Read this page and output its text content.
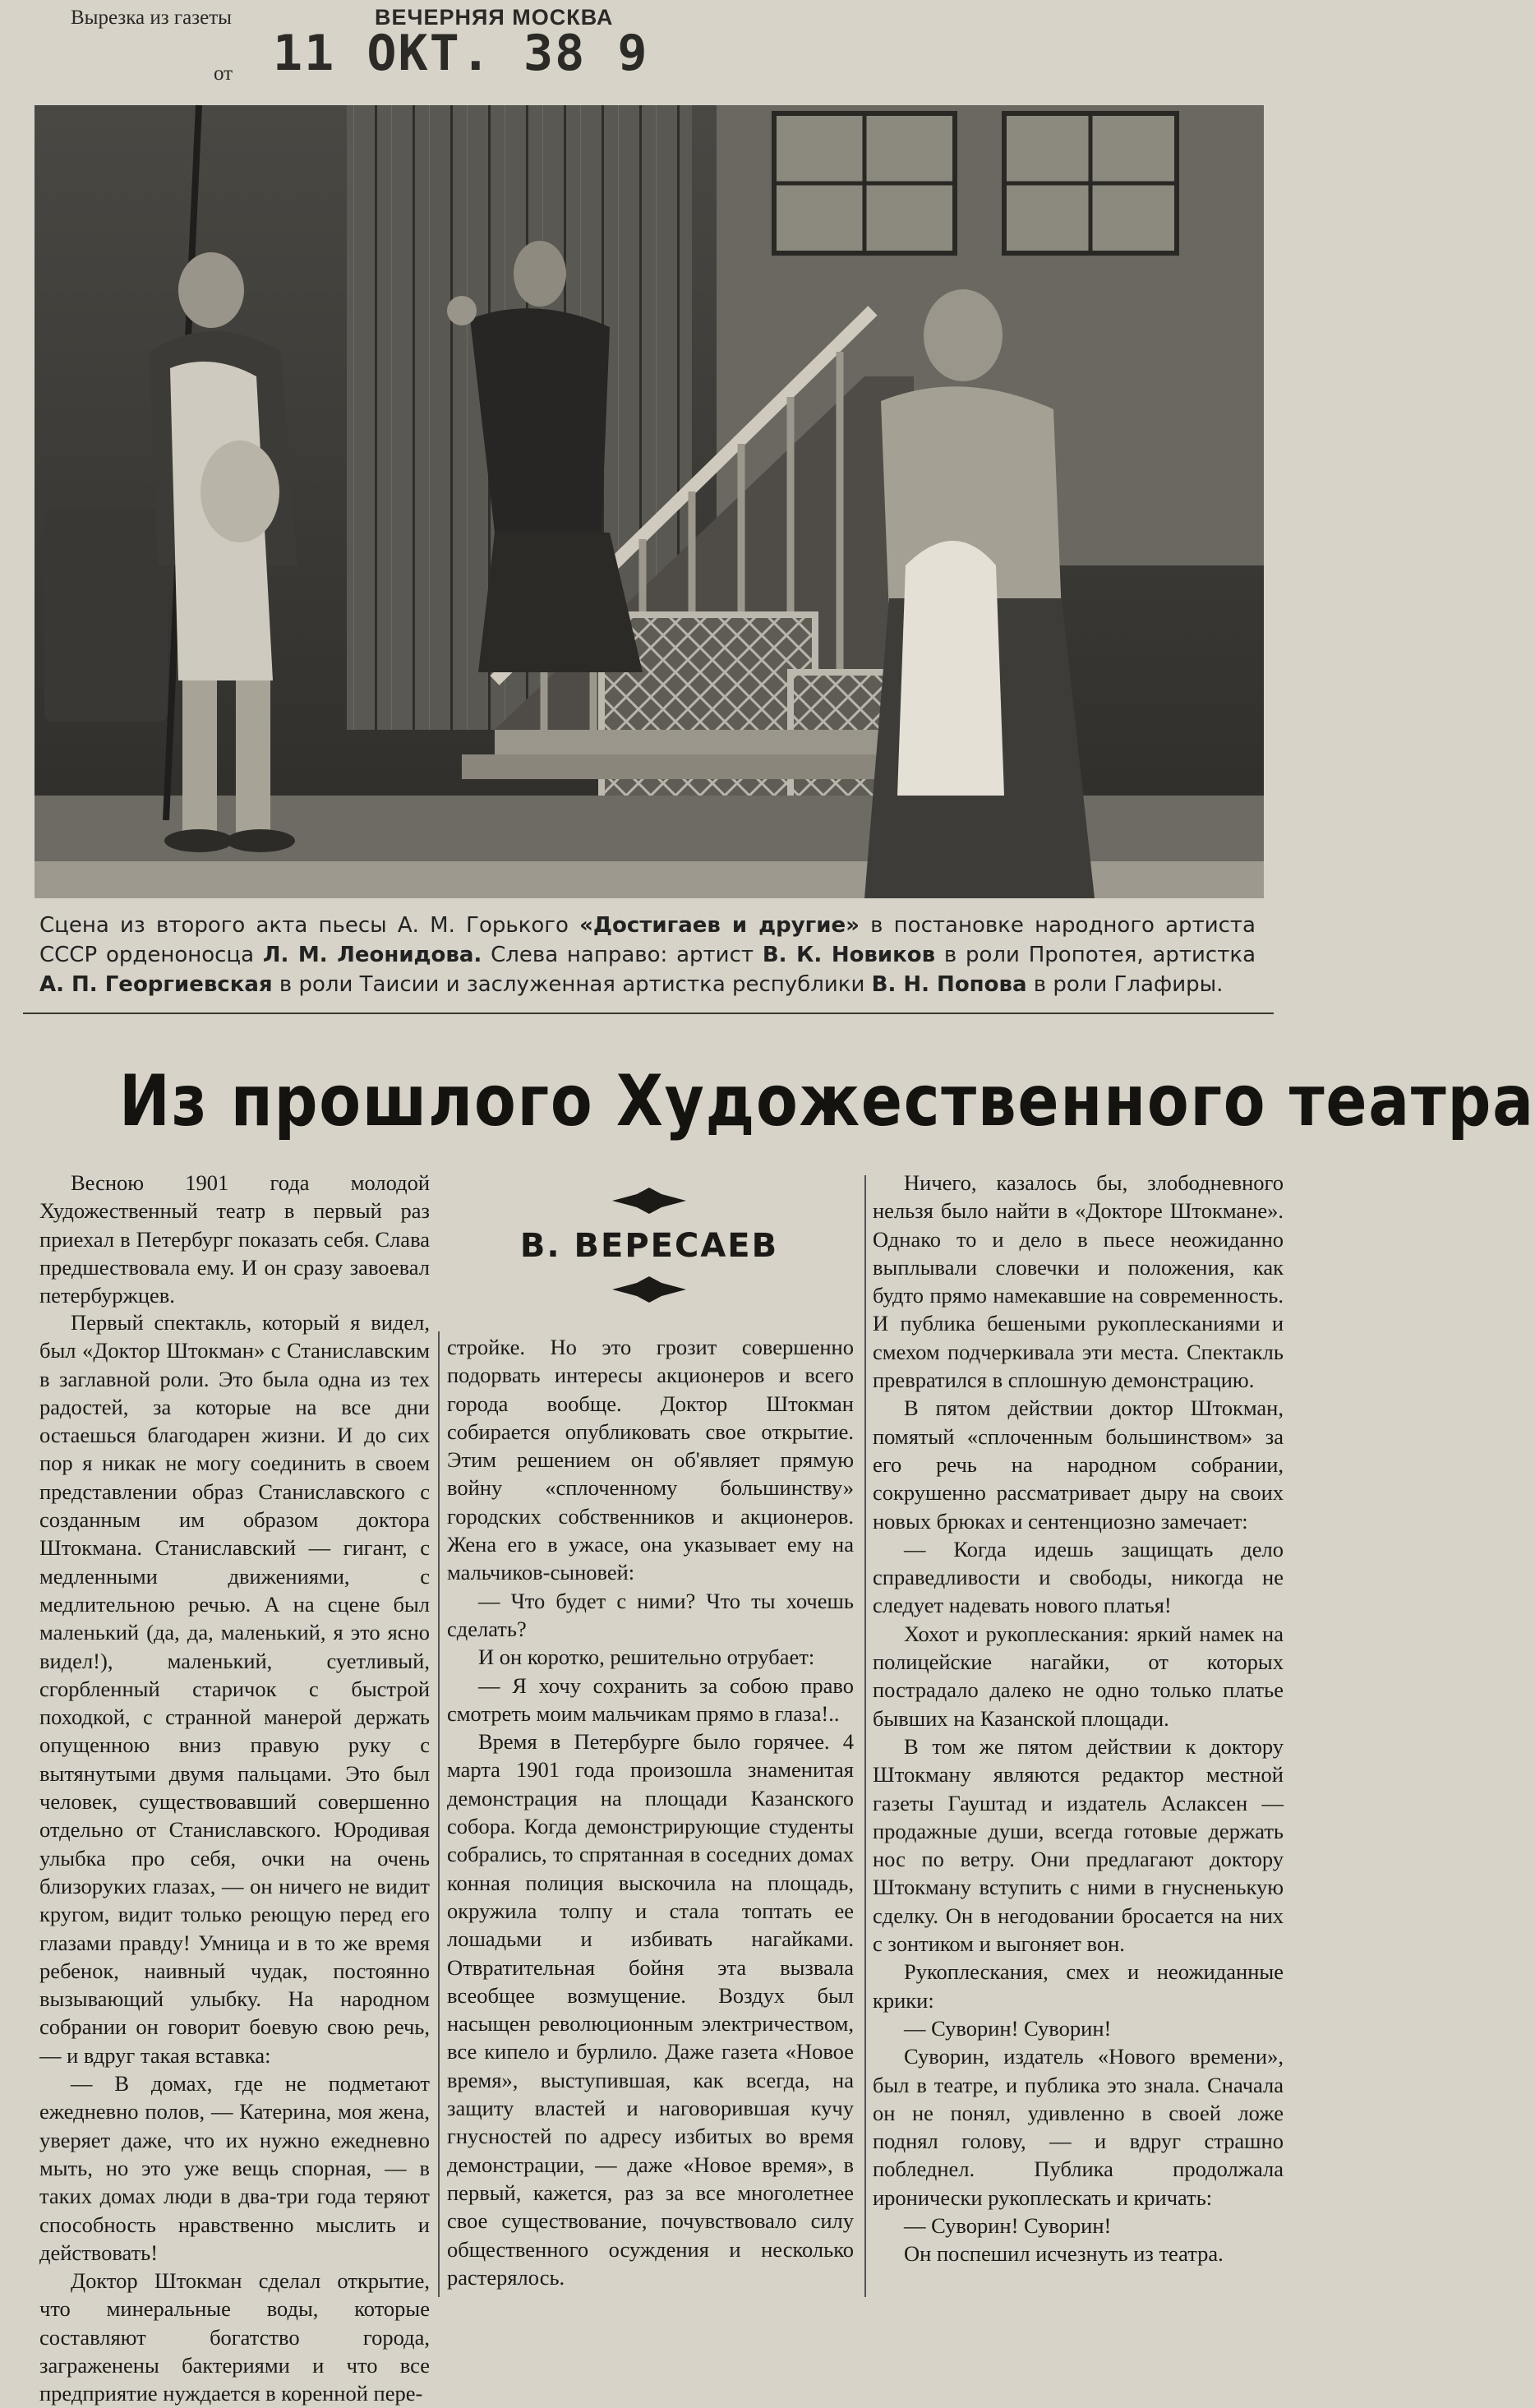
Вырезка из газеты	ВЕЧЕРНЯЯ МОСКВА
от 11 ОКТ. 38 9
Сцена из второго акта пьесы А. М. Горького «Достигаев и другие» в постановке народного артиста СССР орденоносца Л. М. Леонидова. Слева направо: артист В. К. Новиков в роли Пропотея, артистка А. П. Георгиевская в роли Таисии и заслуженная артистка республики В. Н. Попова в роли Глафиры.
Из прошлого Художественного театра

Весною 1901 года молодой Художественный театр в первый раз приехал в Петербург показать себя. Слава предшествовала ему. И он сразу завоевал петербуржцев.

В. ВЕРЕСАЕВ

Первый спектакль, который я видел, был «Доктор Штокман» с Станиславским в заглавной роли. Это была одна из тех радостей, за которые на все дни остаешься благодарен жизни. И до сих пор я никак не могу соединить в своем представлении образ Станиславского с созданным им образом доктора Штокмана. Станиславский — гигант, с медленными движениями, с медлительною речью. А на сцене был маленький (да, да, маленький, я это ясно видел!), маленький, суетливый, сгорбленный старичок с быстрой походкой, с странной манерой держать опущенною вниз правую руку с вытянутыми двумя пальцами. Это был человек, существовавший совершенно отдельно от Станиславского. Юродивая улыбка про себя, очки на очень близоруких глазах, — он ничего не видит кругом, видит только реющую перед его глазами правду! Умница и в то же время ребенок, наивный чудак, постоянно вызывающий улыбку. На народном собрании он говорит боевую свою речь, — и вдруг такая вставка:

— В домах, где не подметают ежедневно полов, — Катерина, моя жена, уверяет даже, что их нужно ежедневно мыть, но это уже вещь спорная, — в таких домах люди в два-три года теряют способность нравственно мыслить и действовать!

Доктор Штокман сделал открытие, что минеральные воды, которые составляют богатство города, заграженены бактериями и что все предприятие нуждается в коренной пере-

стройке. Но это грозит совершенно подорвать интересы акционеров и всего города вообще. Доктор Штокман собирается опубликовать свое открытие. Этим решением он об'являет прямую войну «сплоченному большинству» городских собственников и акционеров. Жена его в ужасе, она указывает ему на мальчиков-сыновей:

— Что будет с ними? Что ты хочешь сделать?

И он коротко, решительно отрубает:

— Я хочу сохранить за собою право смотреть моим мальчикам прямо в глаза!..

Время в Петербурге было горячее. 4 марта 1901 года произошла знаменитая демонстрация на площади Казанского собора. Когда демонстрирующие студенты собрались, то спрятанная в соседних домах конная полиция выскочила на площадь, окружила толпу и стала топтать ее лошадьми и избивать нагайками. Отвратительная бойня эта вызвала всеобщее возмущение. Воздух был насыщен революционным электричеством, все кипело и бурлило. Даже газета «Новое время», выступившая, как всегда, на защиту властей и наговорившая кучу гнусностей по адресу избитых во время демонстрации, — даже «Новое время», в первый, кажется, раз за все многолетнее свое существование, почувствовало силу общественного осуждения и несколько растерялось.

Ничего, казалось бы, злободневного нельзя было найти в «Докторе Штокмане». Однако то и дело в пьесе неожиданно выплывали словечки и положения, как будто прямо намекавшие на современность. И публика бешеными рукоплесканиями и смехом подчеркивала эти места. Спектакль превратился в сплошную демонстрацию.

В пятом действии доктор Штокман, помятый «сплоченным большинством» за его речь на народном собрании, сокрушенно рассматривает дыру на своих новых брюках и сентенциозно замечает:

— Когда идешь защищать дело справедливости и свободы, никогда не следует надевать нового платья!

Хохот и рукоплескания: яркий намек на полицейские нагайки, от которых пострадало далеко не одно только платье бывших на Казанской площади.

В том же пятом действии к доктору Штокману являются редактор местной газеты Гауштад и издатель Аслаксен — продажные души, всегда готовые держать нос по ветру. Они предлагают доктору Штокману вступить с ними в гнусненькую сделку. Он в негодовании бросается на них с зонтиком и выгоняет вон.

Рукоплескания, смех и неожиданные крики:

— Суворин! Суворин!

Суворин, издатель «Нового времени», был в театре, и публика это знала. Сначала он не понял, удивленно в своей ложе поднял голову, — и вдруг страшно побледнел. Публика продолжала иронически рукоплескать и кричать:

— Суворин! Суворин!

Он поспешил исчезнуть из театра.
